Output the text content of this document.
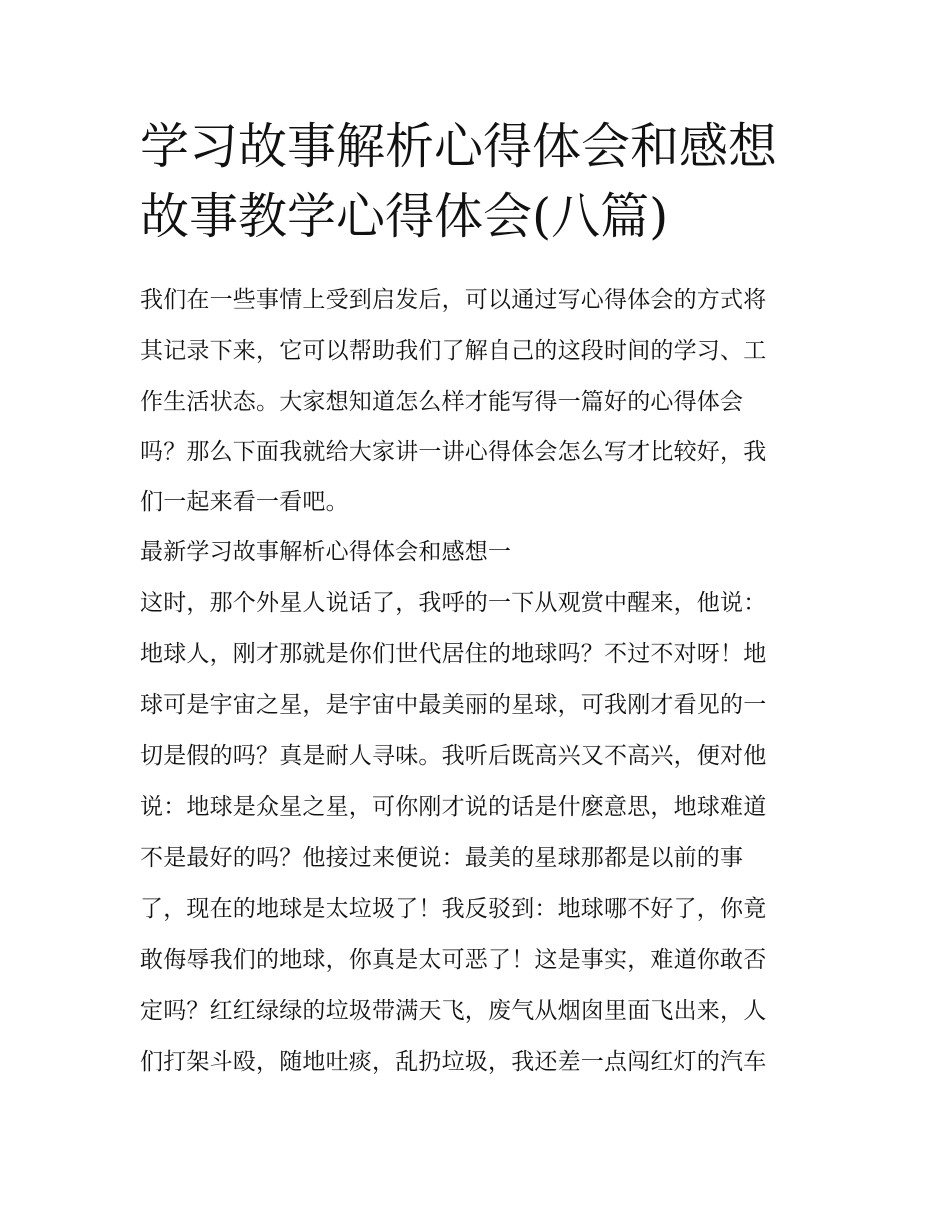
学习故事解析心得体会和感想
故事教学心得体会(八篇)
我们在一些事情上受到启发后，可以通过写心得体会的方式将
其记录下来，它可以帮助我们了解自己的这段时间的学习、工
作生活状态。大家想知道怎么样才能写得一篇好的心得体会
吗？那么下面我就给大家讲一讲心得体会怎么写才比较好，我
们一起来看一看吧。
最新学习故事解析心得体会和感想一
这时，那个外星人说话了，我呼的一下从观赏中醒来，他说：
地球人，刚才那就是你们世代居住的地球吗？不过不对呀！地
球可是宇宙之星，是宇宙中最美丽的星球，可我刚才看见的一
切是假的吗？真是耐人寻味。我听后既高兴又不高兴，便对他
说：地球是众星之星，可你刚才说的话是什麽意思，地球难道
不是最好的吗？他接过来便说：最美的星球那都是以前的事
了，现在的地球是太垃圾了！我反驳到：地球哪不好了，你竟
敢侮辱我们的地球，你真是太可恶了！这是事实，难道你敢否
定吗？红红绿绿的垃圾带满天飞，废气从烟囱里面飞出来，人
们打架斗殴，随地吐痰，乱扔垃圾，我还差一点闯红灯的汽车
